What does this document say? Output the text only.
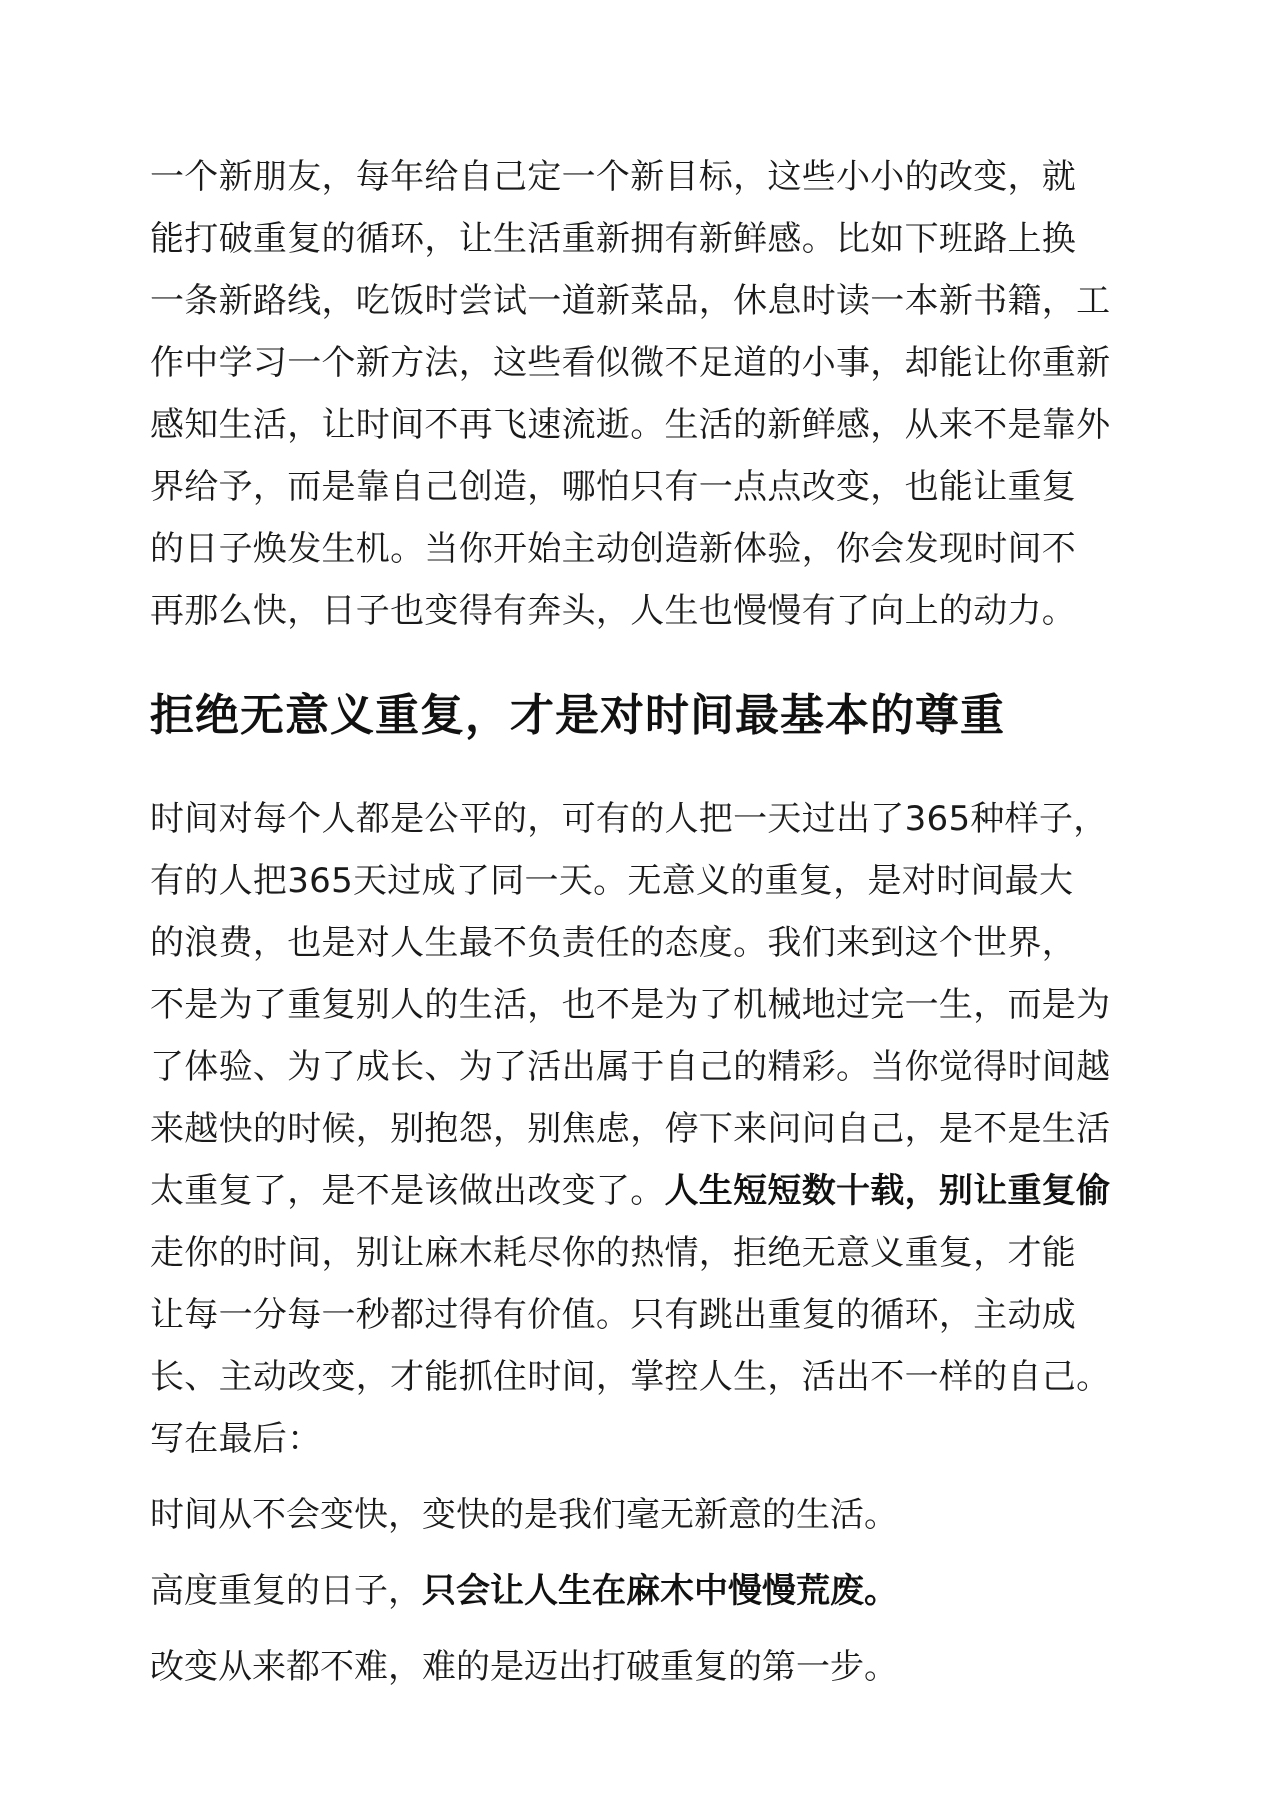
一个新朋友，每年给自己定一个新目标，这些小小的改变，就
能打破重复的循环，让生活重新拥有新鲜感。比如下班路上换
一条新路线，吃饭时尝试一道新菜品，休息时读一本新书籍，工
作中学习一个新方法，这些看似微不足道的小事，却能让你重新
感知生活，让时间不再飞速流逝。生活的新鲜感，从来不是靠外
界给予，而是靠自己创造，哪怕只有一点点改变，也能让重复
的日子焕发生机。当你开始主动创造新体验，你会发现时间不
再那么快，日子也变得有奔头，人生也慢慢有了向上的动力。
拒绝无意义重复，才是对时间最基本的尊重
时间对每个人都是公平的，可有的人把一天过出了365种样子，
有的人把365天过成了同一天。无意义的重复，是对时间最大
的浪费，也是对人生最不负责任的态度。我们来到这个世界，
不是为了重复别人的生活，也不是为了机械地过完一生，而是为
了体验、为了成长、为了活出属于自己的精彩。当你觉得时间越
来越快的时候，别抱怨，别焦虑，停下来问问自己，是不是生活
太重复了，是不是该做出改变了。人生短短数十载，别让重复偷
走你的时间，别让麻木耗尽你的热情，拒绝无意义重复，才能
让每一分每一秒都过得有价值。只有跳出重复的循环，主动成
长、主动改变，才能抓住时间，掌控人生，活出不一样的自己。
写在最后：

时间从不会变快，变快的是我们毫无新意的生活。

高度重复的日子，只会让人生在麻木中慢慢荒废。

改变从来都不难，难的是迈出打破重复的第一步。
